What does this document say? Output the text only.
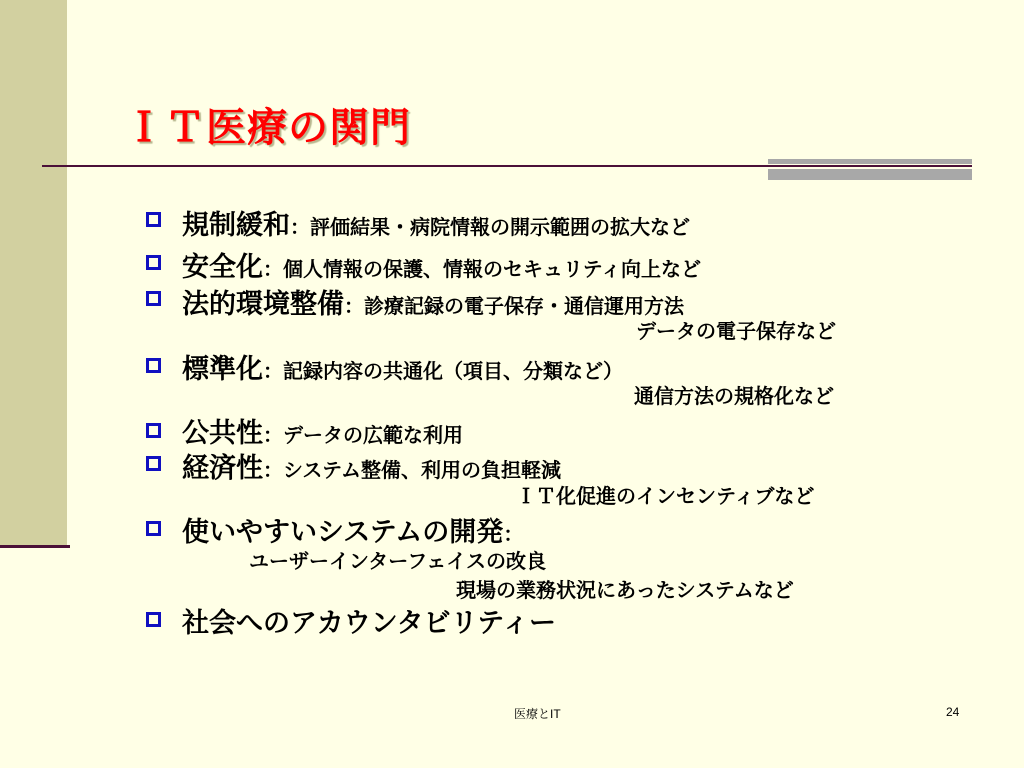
ＩＴ医療の関門
規制緩和：評価結果・病院情報の開示範囲の拡大など
安全化：個人情報の保護、情報のセキュリティ向上など
法的環境整備：診療記録の電子保存・通信運用方法
データの電子保存など
標準化：記録内容の共通化（項目、分類など）
通信方法の規格化など
公共性：データの広範な利用
経済性：システム整備、利用の負担軽減
ＩＴ化促進のインセンティブなど
使いやすいシステムの開発：
ユーザーインターフェイスの改良
現場の業務状況にあったシステムなど
社会へのアカウンタビリティー
医療とIT	24
